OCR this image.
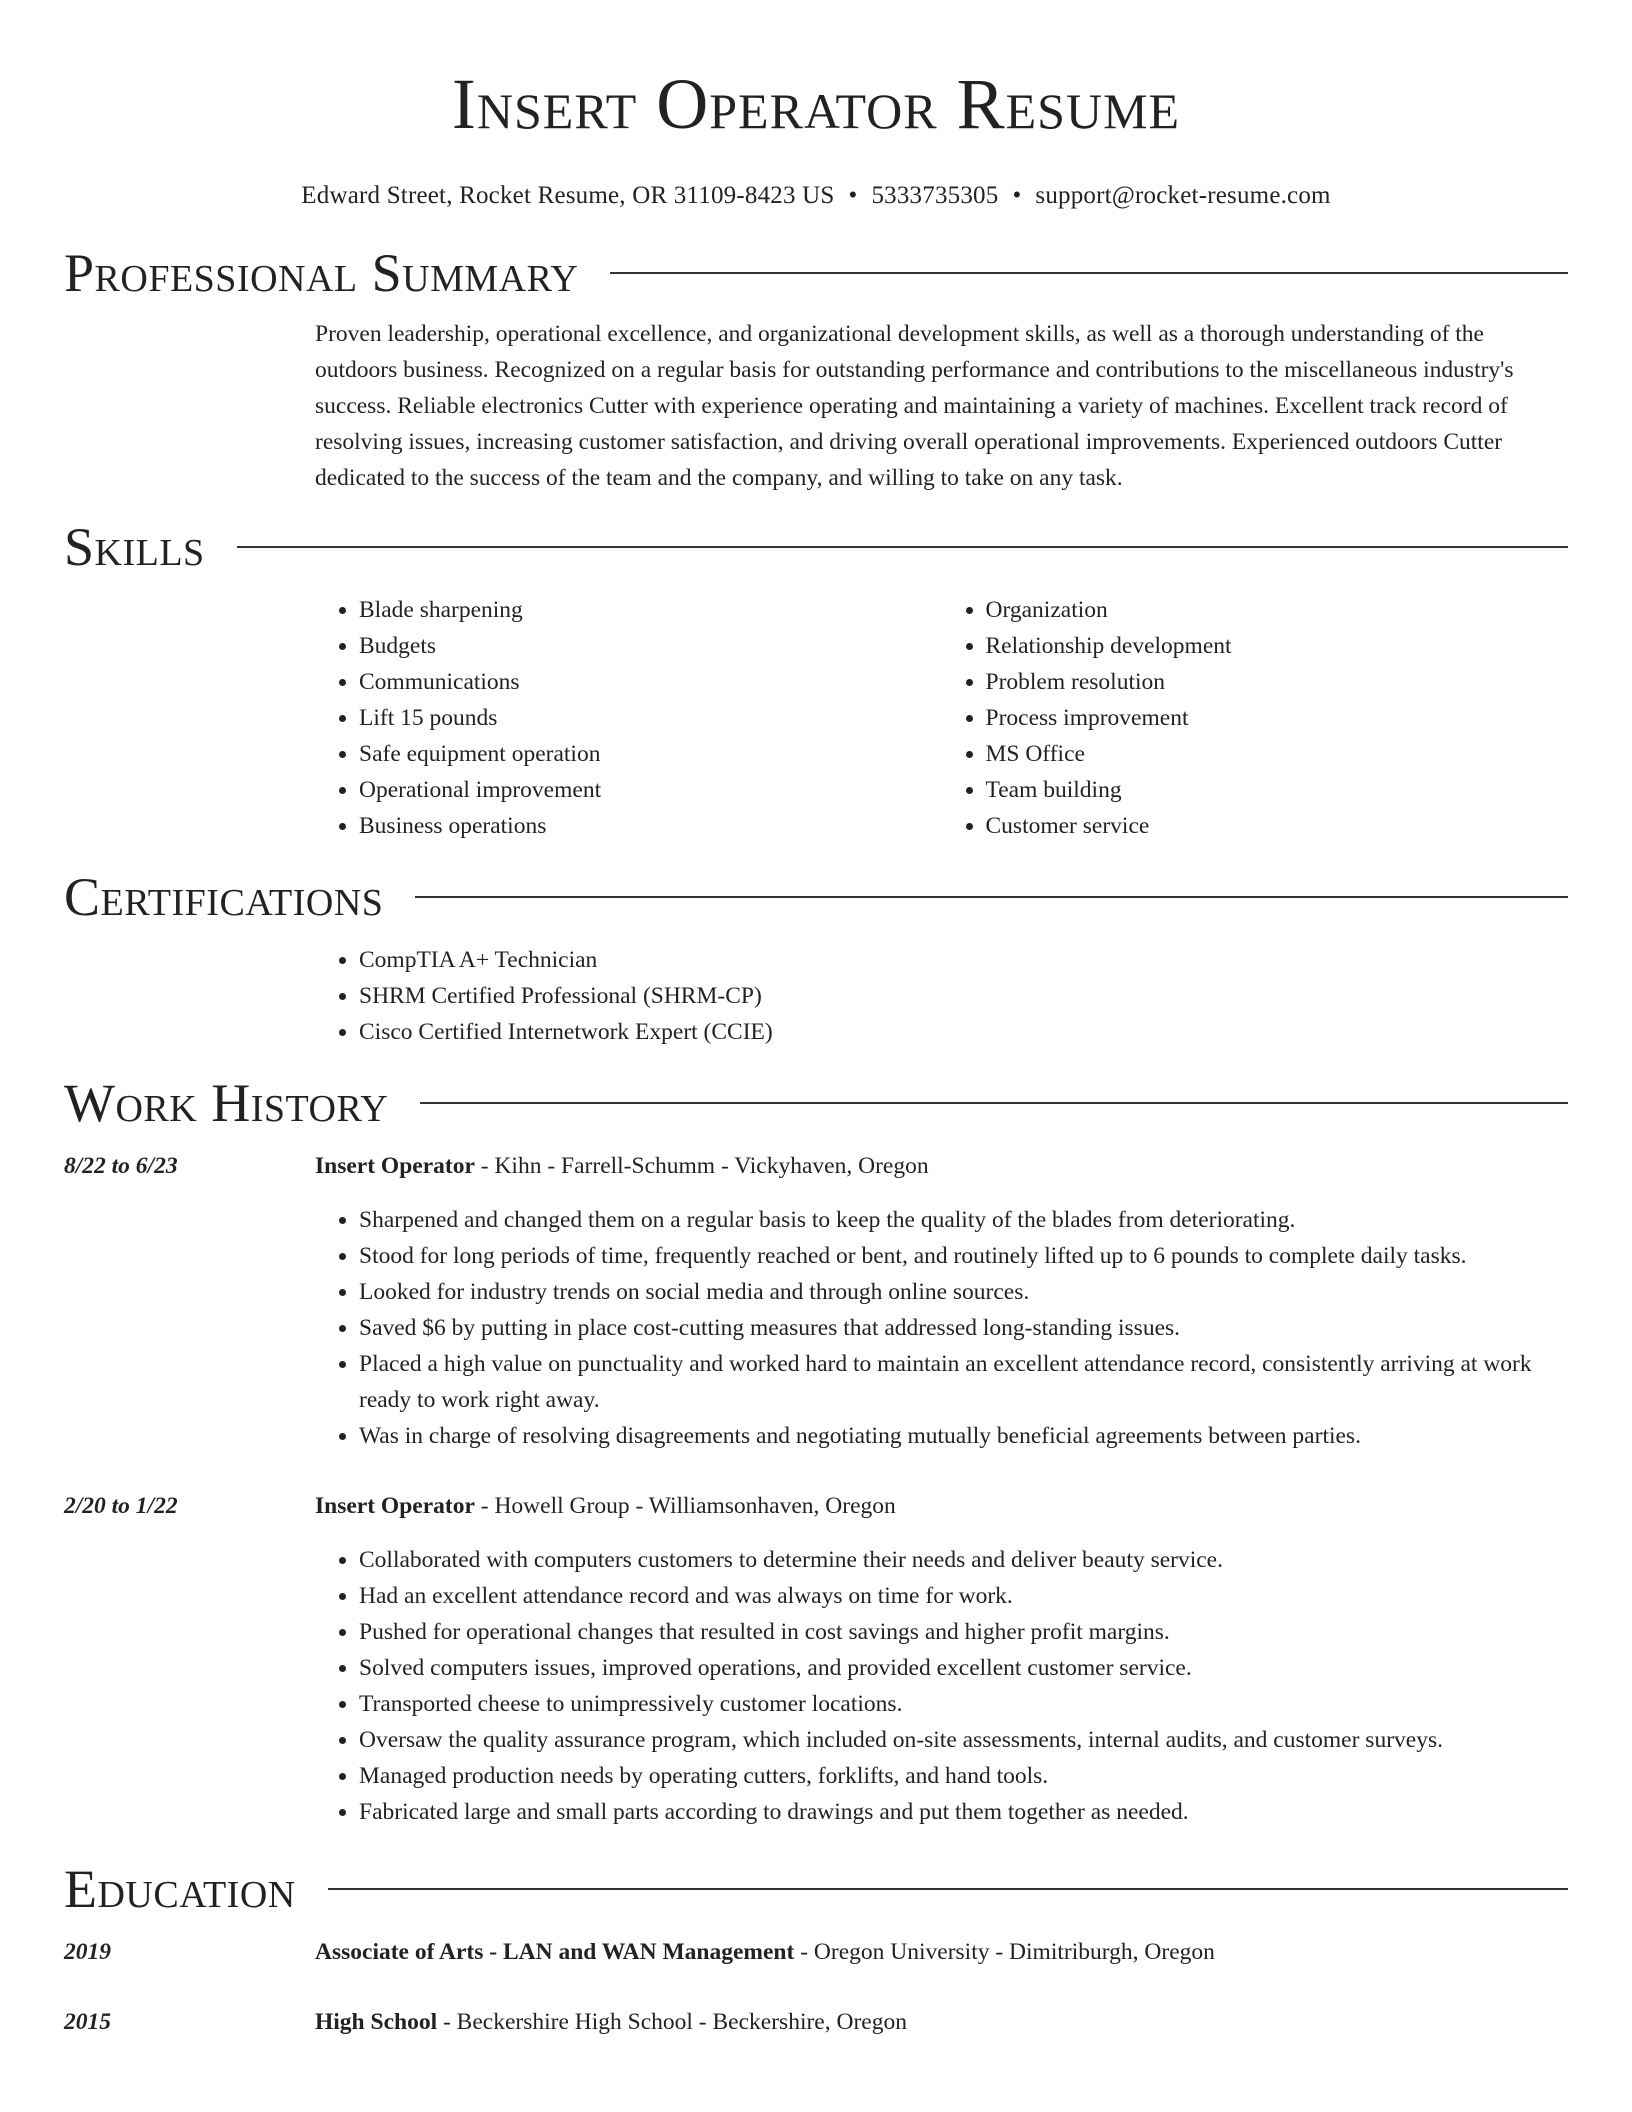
Insert Operator Resume
Edward Street, Rocket Resume, OR 31109-8423 US • 5333735305 • support@rocket-resume.com
Professional Summary

Proven leadership, operational excellence, and organizational development skills, as well as a thorough understanding of the outdoors business. Recognized on a regular basis for outstanding performance and contributions to the miscellaneous industry's success. Reliable electronics Cutter with experience operating and maintaining a variety of machines. Excellent track record of resolving issues, increasing customer satisfaction, and driving overall operational improvements. Experienced outdoors Cutter dedicated to the success of the team and the company, and willing to take on any task.

Skills
• Blade sharpening
• Budgets
• Communications
• Lift 15 pounds
• Safe equipment operation
• Operational improvement
• Business operations
• Organization
• Relationship development
• Problem resolution
• Process improvement
• MS Office
• Team building
• Customer service
Certifications
• CompTIA A+ Technician
• SHRM Certified Professional (SHRM-CP)
• Cisco Certified Internetwork Expert (CCIE)
Work History
8/22 to 6/23	Insert Operator - Kihn - Farrell-Schumm - Vickyhaven, Oregon
• Sharpened and changed them on a regular basis to keep the quality of the blades from deteriorating.
• Stood for long periods of time, frequently reached or bent, and routinely lifted up to 6 pounds to complete daily tasks.
• Looked for industry trends on social media and through online sources.
• Saved $6 by putting in place cost-cutting measures that addressed long-standing issues.
• Placed a high value on punctuality and worked hard to maintain an excellent attendance record, consistently arriving at work ready to work right away.
• Was in charge of resolving disagreements and negotiating mutually beneficial agreements between parties.
2/20 to 1/22	Insert Operator - Howell Group - Williamsonhaven, Oregon
• Collaborated with computers customers to determine their needs and deliver beauty service.
• Had an excellent attendance record and was always on time for work.
• Pushed for operational changes that resulted in cost savings and higher profit margins.
• Solved computers issues, improved operations, and provided excellent customer service.
• Transported cheese to unimpressively customer locations.
• Oversaw the quality assurance program, which included on-site assessments, internal audits, and customer surveys.
• Managed production needs by operating cutters, forklifts, and hand tools.
• Fabricated large and small parts according to drawings and put them together as needed.
Education
2019	Associate of Arts - LAN and WAN Management - Oregon University - Dimitriburgh, Oregon
2015	High School - Beckershire High School - Beckershire, Oregon
